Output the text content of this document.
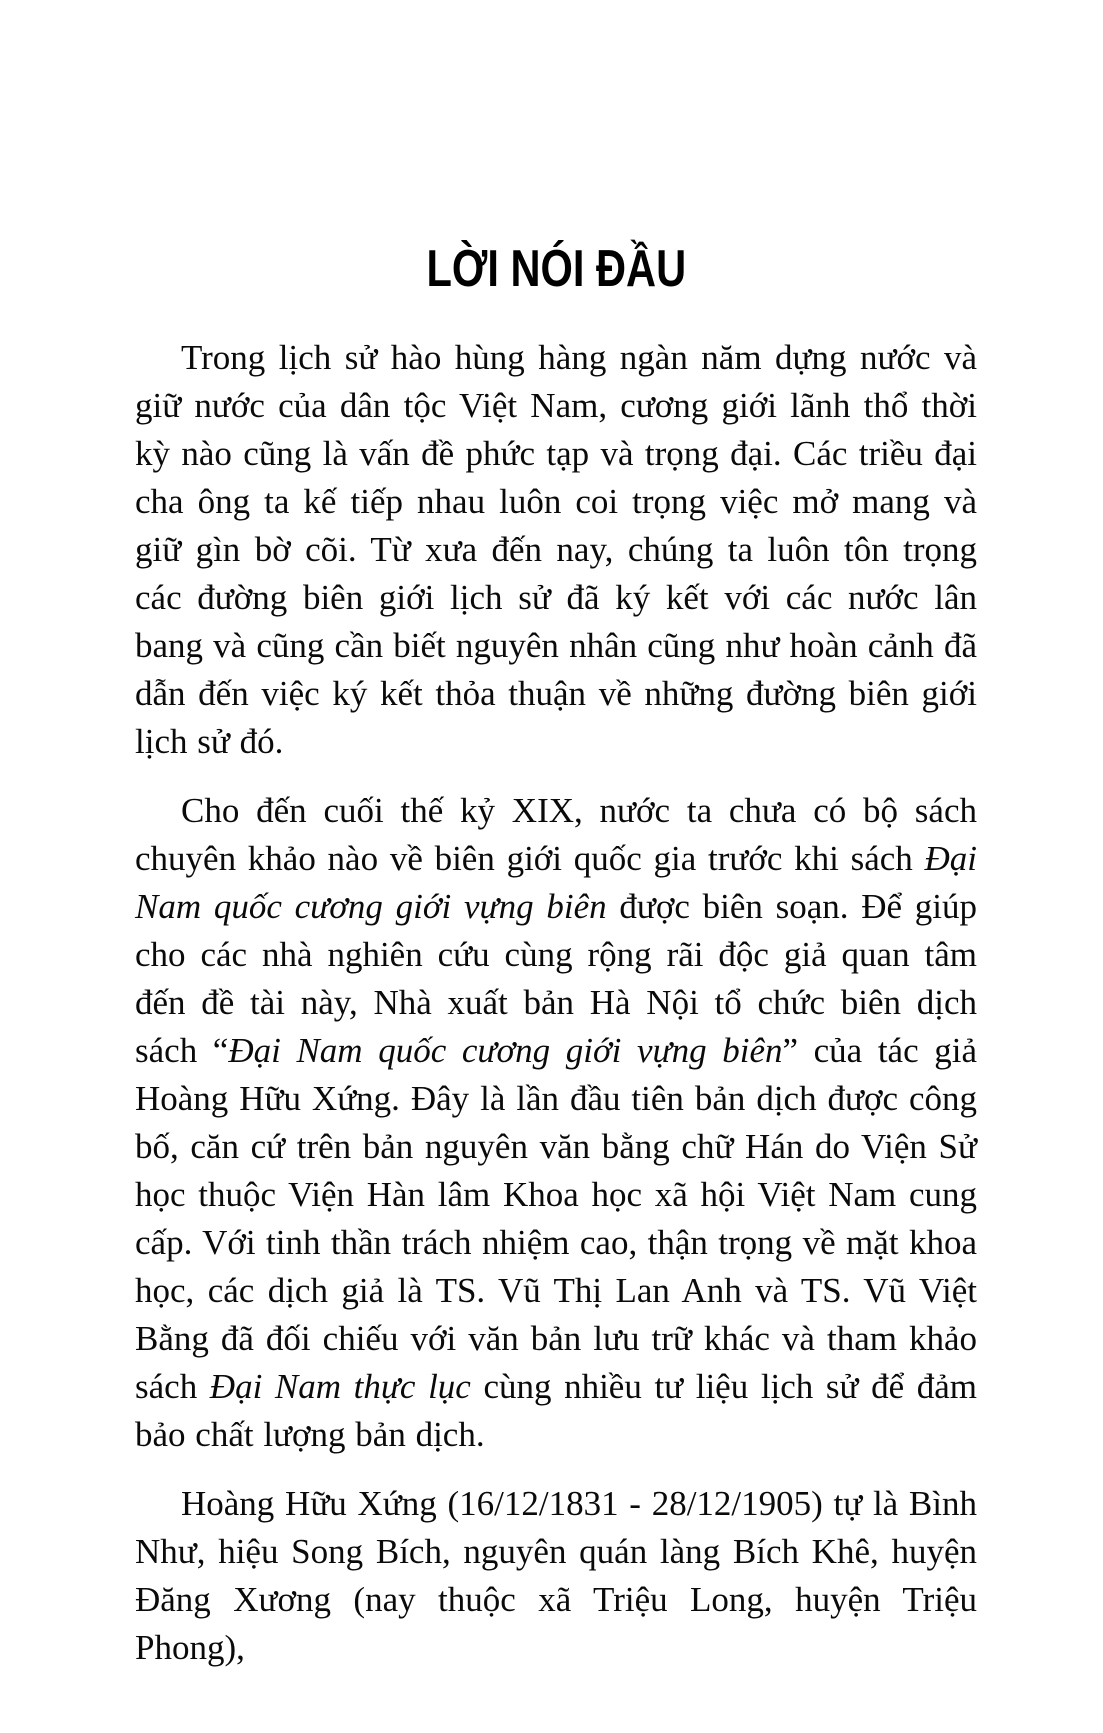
LỜI NÓI ĐẦU

Trong lịch sử hào hùng hàng ngàn năm dựng nước và giữ nước của dân tộc Việt Nam, cương giới lãnh thổ thời kỳ nào cũng là vấn đề phức tạp và trọng đại. Các triều đại cha ông ta kế tiếp nhau luôn coi trọng việc mở mang và giữ gìn bờ cõi. Từ xưa đến nay, chúng ta luôn tôn trọng các đường biên giới lịch sử đã ký kết với các nước lân bang và cũng cần biết nguyên nhân cũng như hoàn cảnh đã dẫn đến việc ký kết thỏa thuận về những đường biên giới lịch sử đó.

Cho đến cuối thế kỷ XIX, nước ta chưa có bộ sách chuyên khảo nào về biên giới quốc gia trước khi sách Đại Nam quốc cương giới vựng biên được biên soạn. Để giúp cho các nhà nghiên cứu cùng rộng rãi độc giả quan tâm đến đề tài này, Nhà xuất bản Hà Nội tổ chức biên dịch sách “Đại Nam quốc cương giới vựng biên” của tác giả Hoàng Hữu Xứng. Đây là lần đầu tiên bản dịch được công bố, căn cứ trên bản nguyên văn bằng chữ Hán do Viện Sử học thuộc Viện Hàn lâm Khoa học xã hội Việt Nam cung cấp. Với tinh thần trách nhiệm cao, thận trọng về mặt khoa học, các dịch giả là TS. Vũ Thị Lan Anh và TS. Vũ Việt Bằng đã đối chiếu với văn bản lưu trữ khác và tham khảo sách Đại Nam thực lục cùng nhiều tư liệu lịch sử để đảm bảo chất lượng bản dịch.

Hoàng Hữu Xứng (16/12/1831 - 28/12/1905) tự là Bình Như, hiệu Song Bích, nguyên quán làng Bích Khê, huyện Đăng Xương (nay thuộc xã Triệu Long, huyện Triệu Phong),
